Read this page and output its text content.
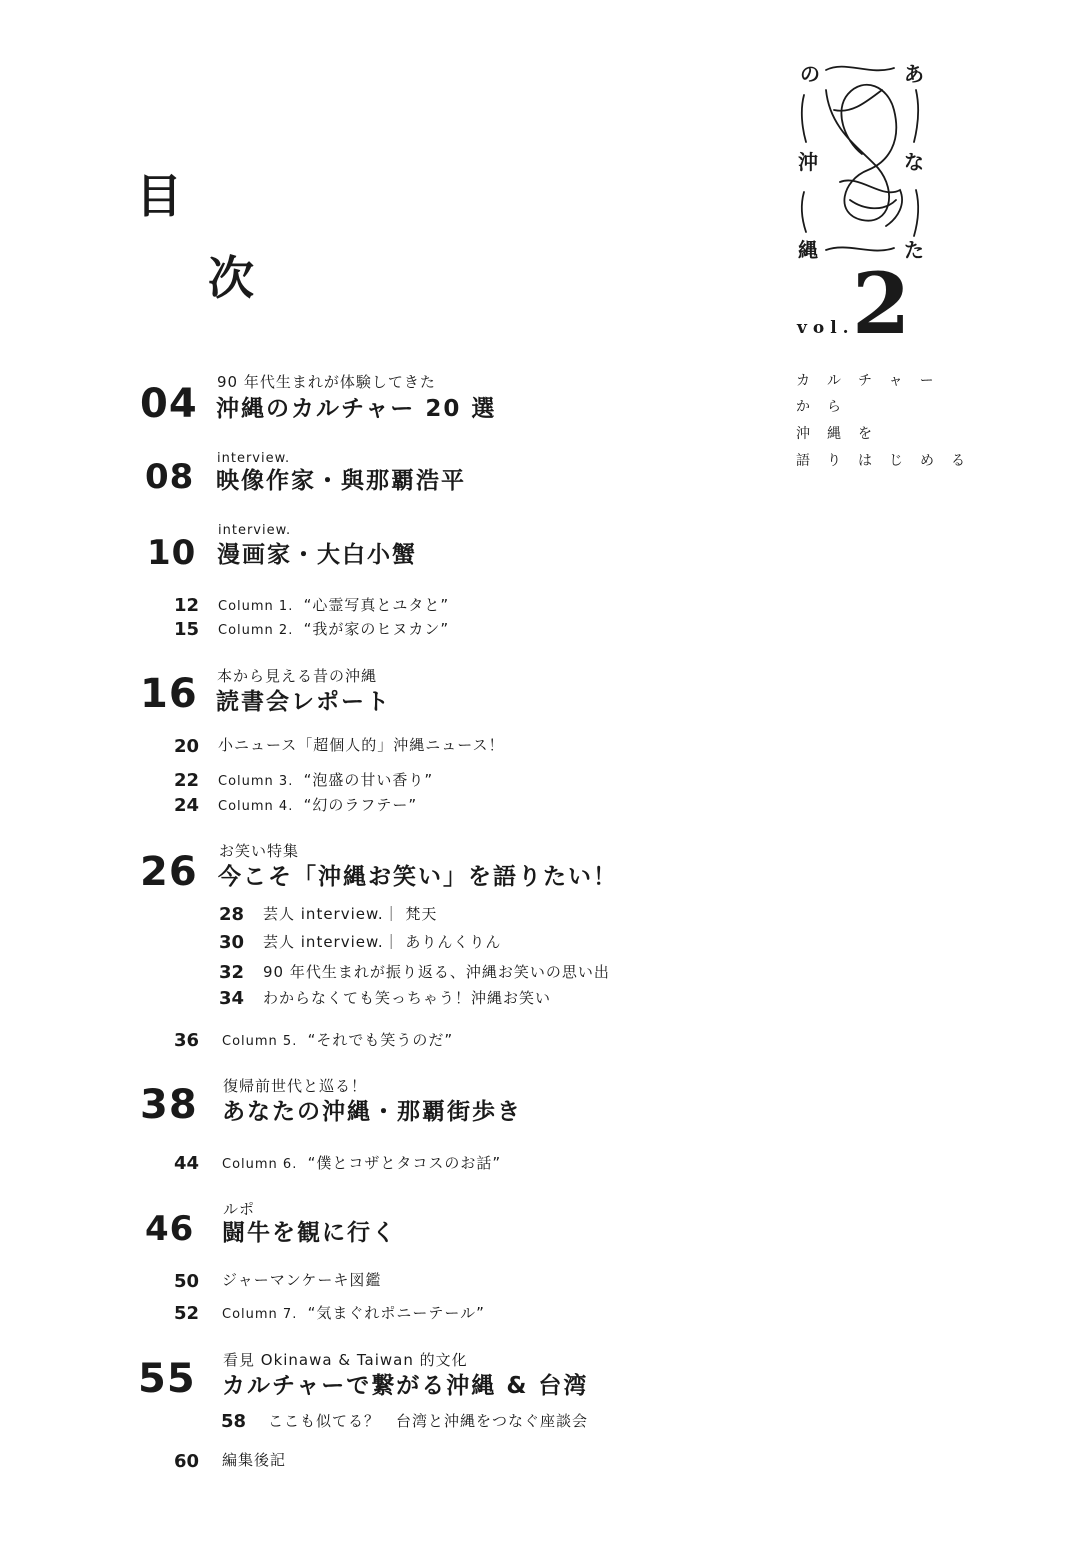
目
次
の	あ
沖	な
縄	た
vol.
2
カルチャー
から
沖縄を
語りはじめる
04 90 年代生まれが体験してきた
沖縄のカルチャー 20 選
08 interview.
映像作家・與那覇浩平
10
interview.
漫画家・大白小蟹
12 Column 1. “心霊写真とユタと”
15 Column 2. “我が家のヒヌカン”
16 本から見える昔の沖縄
読書会レポート
20 小ニュース「超個人的」沖縄ニュース！
22 Column 3. “泡盛の甘い香り”
24 Column 4. “幻のラフテー”
26 お笑い特集
今こそ「沖縄お笑い」を語りたい！
28 芸人 interview.｜ 梵天
30 芸人 interview.｜ ありんくりん
32 90 年代生まれが振り返る、沖縄お笑いの思い出
34 わからなくても笑っちゃう！沖縄お笑い
36 Column 5. “それでも笑うのだ”
38 復帰前世代と巡る！
あなたの沖縄・那覇街歩き
44 Column 6. “僕とコザとタコスのお話”
46 ルポ
闘牛を観に行く
50 ジャーマンケーキ図鑑
52 Column 7. “気まぐれポニーテール”
55 看見 Okinawa & Taiwan 的文化
カルチャーで繋がる沖縄 & 台湾
58 ここも似てる？　台湾と沖縄をつなぐ座談会
60 編集後記
